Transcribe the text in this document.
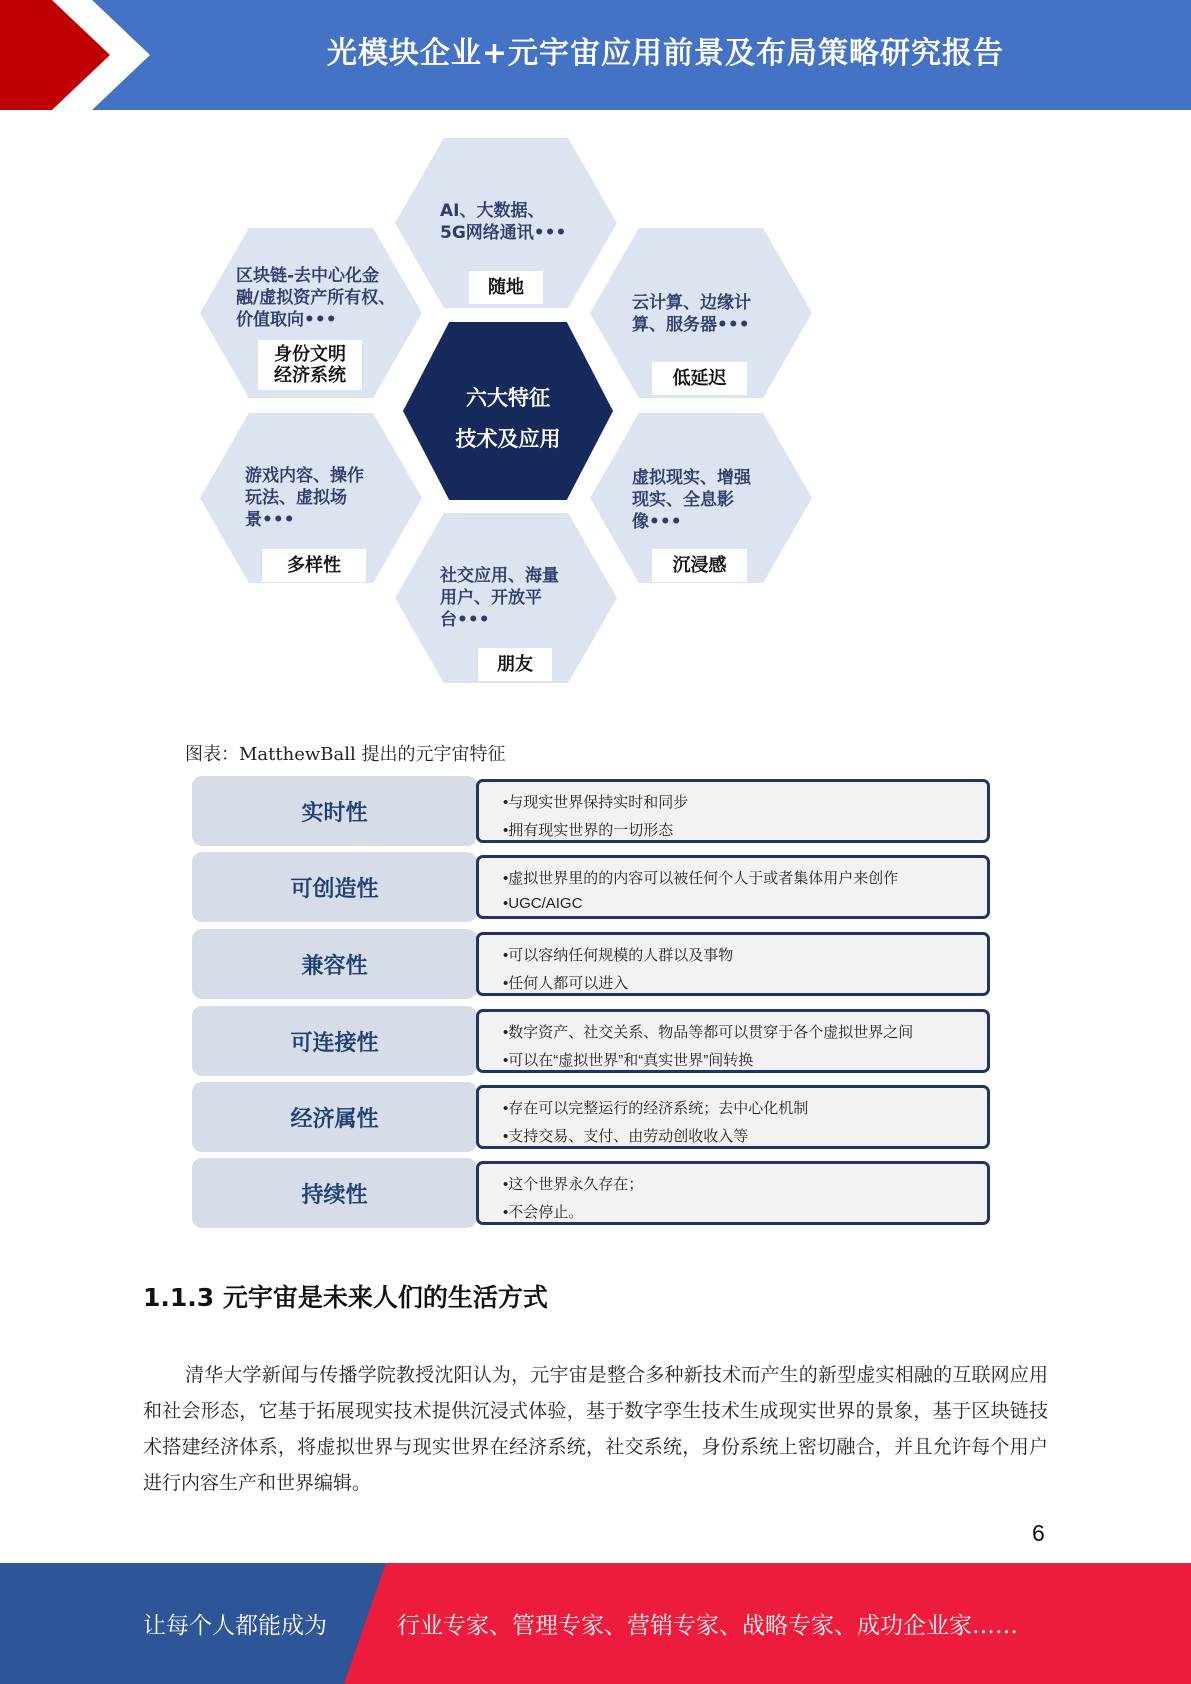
光模块企业+元宇宙应用前景及布局策略研究报告
AI、大数据、
5G网络通讯•••
随地
区块链-去中心化金
融/虚拟资产所有权、
价值取向•••
身份文明
经济系统
云计算、边缘计
算、服务器•••
低延迟
六大特征
技术及应用
游戏内容、操作
玩法、虚拟场
景•••
多样性
虚拟现实、增强
现实、全息影
像•••
沉浸感
社交应用、海量
用户、开放平
台•••
朋友
图表：MatthewBall 提出的元宇宙特征
实时性	•与现实世界保持实时和同步
•拥有现实世界的一切形态
可创造性	•虚拟世界里的的内容可以被任何个人于或者集体用户来创作
•UGC/AIGC
兼容性	•可以容纳任何规模的人群以及事物
•任何人都可以进入
可连接性	•数字资产、社交关系、物品等都可以贯穿于各个虚拟世界之间
•可以在“虚拟世界”和“真实世界”间转换
经济属性	•存在可以完整运行的经济系统；去中心化机制
•支持交易、支付、由劳动创收收入等
持续性	•这个世界永久存在；
•不会停止。
1.1.3 元宇宙是未来人们的生活方式
清华大学新闻与传播学院教授沈阳认为，元宇宙是整合多种新技术而产生的新型虚实相融的互联网应用和社会形态，它基于拓展现实技术提供沉浸式体验，基于数字孪生技术生成现实世界的景象，基于区块链技术搭建经济体系，将虚拟世界与现实世界在经济系统，社交系统，身份系统上密切融合，并且允许每个用户进行内容生产和世界编辑。
6
让每个人都能成为	行业专家、管理专家、营销专家、战略专家、成功企业家……
